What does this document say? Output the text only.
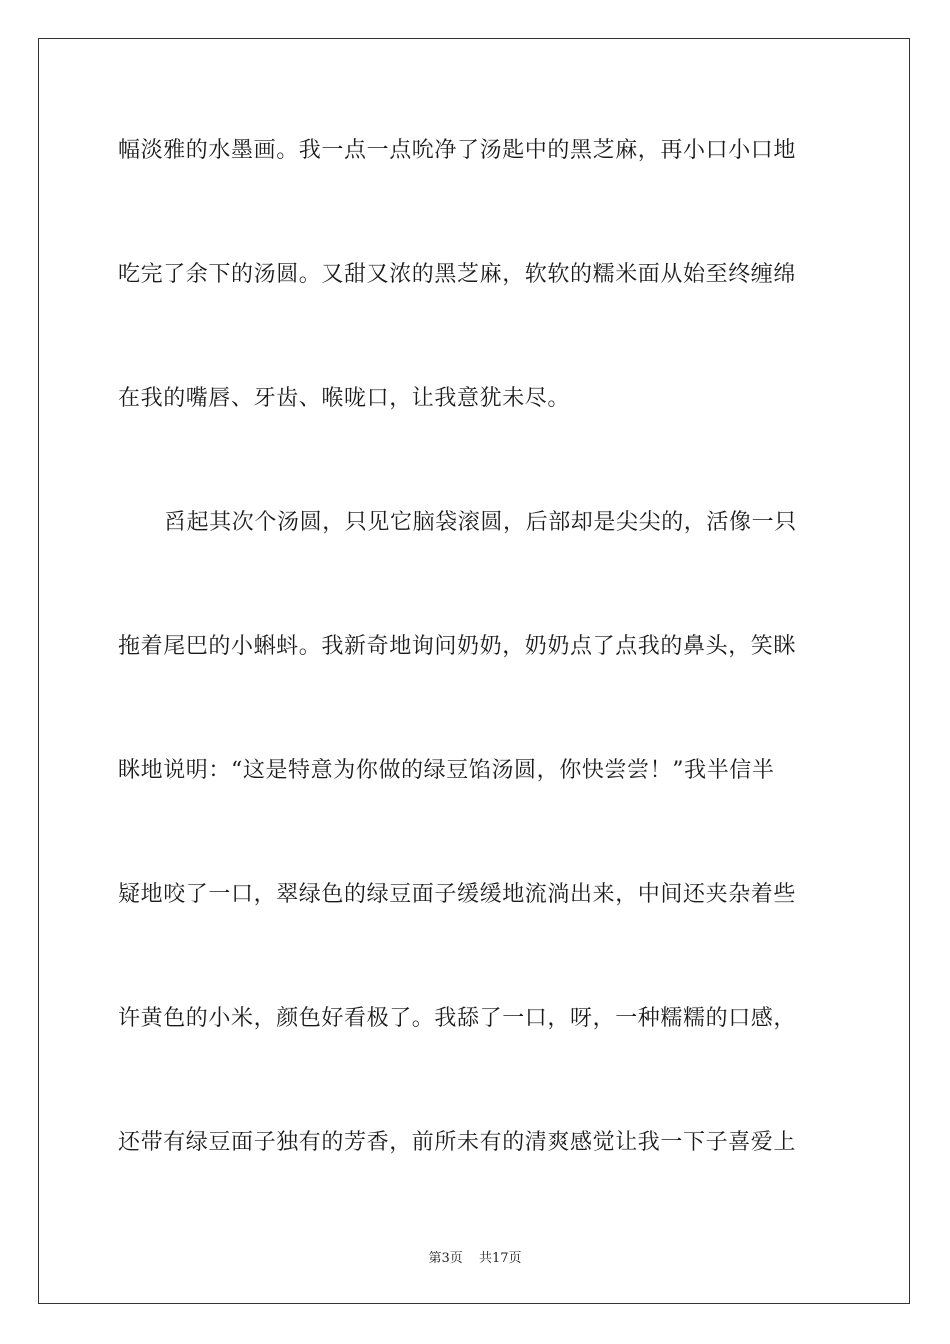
幅淡雅的水墨画。我一点一点吮净了汤匙中的黑芝麻，再小口小口地
吃完了余下的汤圆。又甜又浓的黑芝麻，软软的糯米面从始至终缠绵
在我的嘴唇、牙齿、喉咙口，让我意犹未尽。
舀起其次个汤圆，只见它脑袋滚圆，后部却是尖尖的，活像一只
拖着尾巴的小蝌蚪。我新奇地询问奶奶，奶奶点了点我的鼻头，笑眯
眯地说明：“这是特意为你做的绿豆馅汤圆，你快尝尝！”我半信半
疑地咬了一口，翠绿色的绿豆面子缓缓地流淌出来，中间还夹杂着些
许黄色的小米，颜色好看极了。我舔了一口，呀，一种糯糯的口感，
还带有绿豆面子独有的芳香，前所未有的清爽感觉让我一下子喜爱上
第3页 共17页
